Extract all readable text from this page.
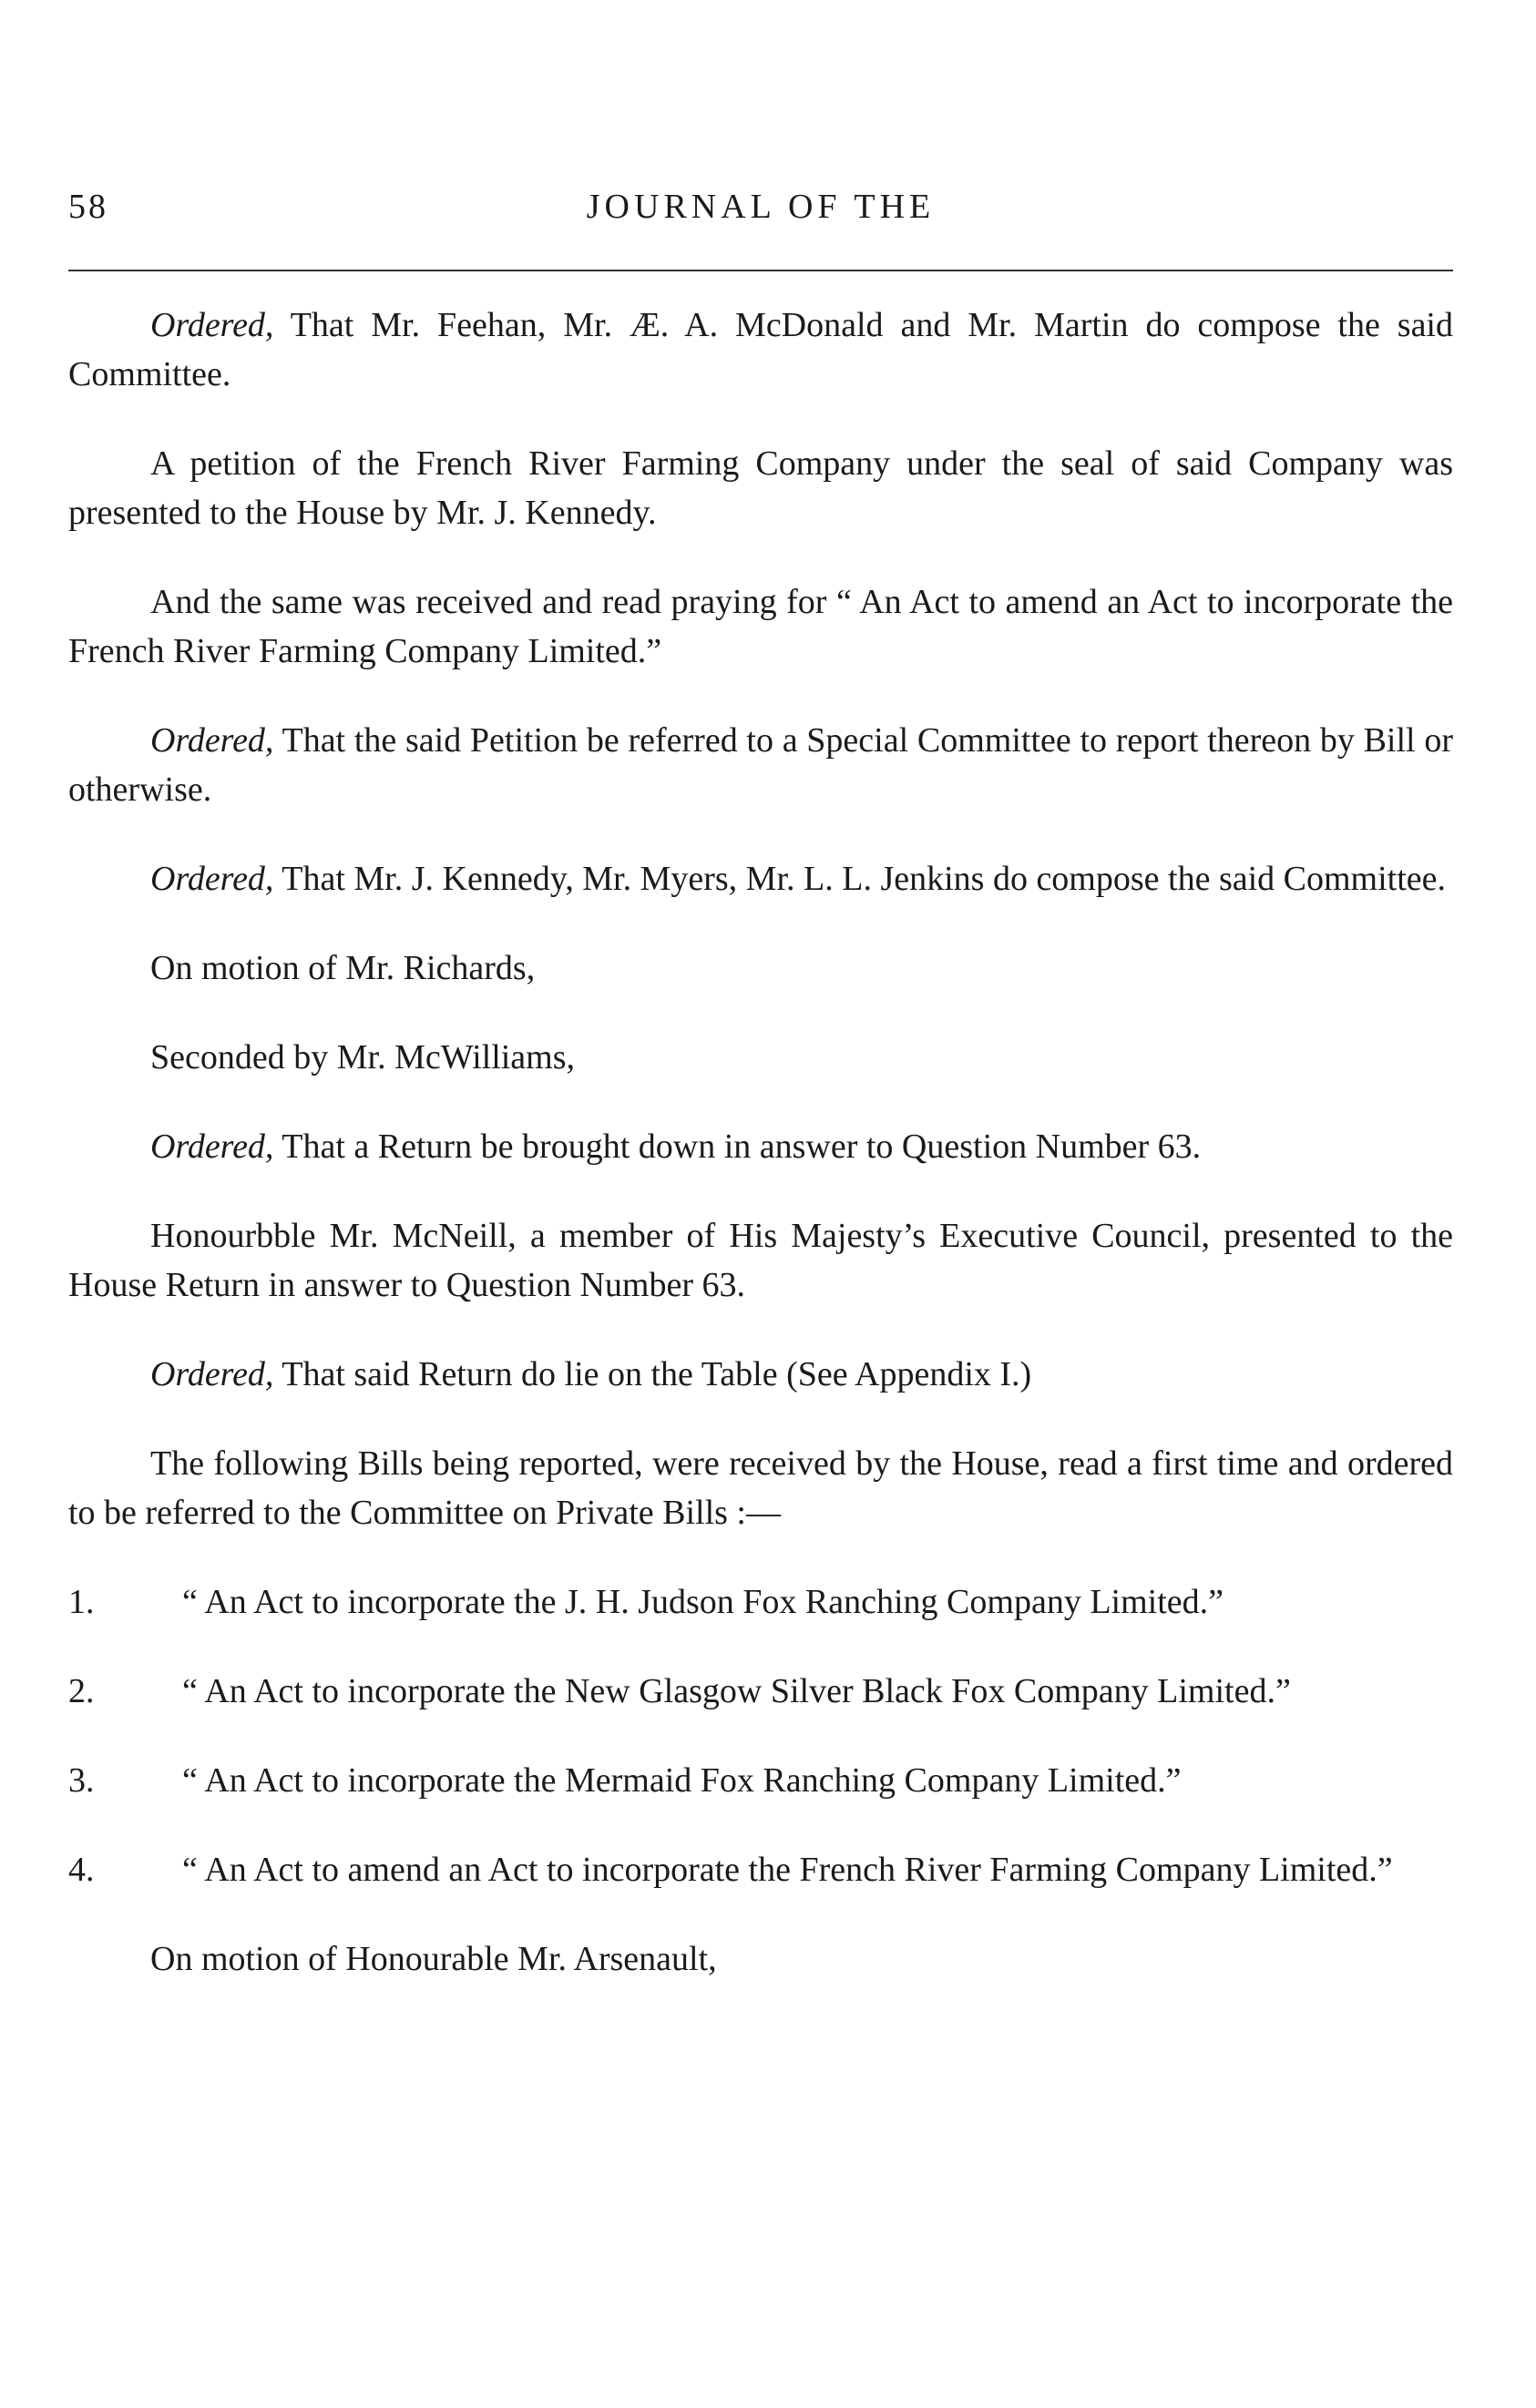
58	JOURNAL OF THE

Ordered, That Mr. Feehan, Mr. Æ. A. McDonald and Mr. Martin do compose the said Committee.

A petition of the French River Farming Company under the seal of said Company was presented to the House by Mr. J. Kennedy.

And the same was received and read praying for “ An Act to amend an Act to incorporate the French River Farming Company Limited.”

Ordered, That the said Petition be referred to a Special Committee to report thereon by Bill or otherwise.

Ordered, That Mr. J. Kennedy, Mr. Myers, Mr. L. L. Jenkins do compose the said Committee.

On motion of Mr. Richards,

Seconded by Mr. McWilliams,

Ordered, That a Return be brought down in answer to Question Number 63.

Honourbble Mr. McNeill, a member of His Majesty’s Executive Council, presented to the House Return in answer to Question Number 63.

Ordered, That said Return do lie on the Table (See Appendix I.)

The following Bills being reported, were received by the House, read a first time and ordered to be referred to the Committee on Private Bills :—

1.	“ An Act to incorporate the J. H. Judson Fox Ranching Company Limited.”
2.	“ An Act to incorporate the New Glasgow Silver Black Fox Company Limited.”
3.	“ An Act to incorporate the Mermaid Fox Ranching Company Limited.”
4.	“ An Act to amend an Act to incorporate the French River Farming Company Limited.”

On motion of Honourable Mr. Arsenault,
